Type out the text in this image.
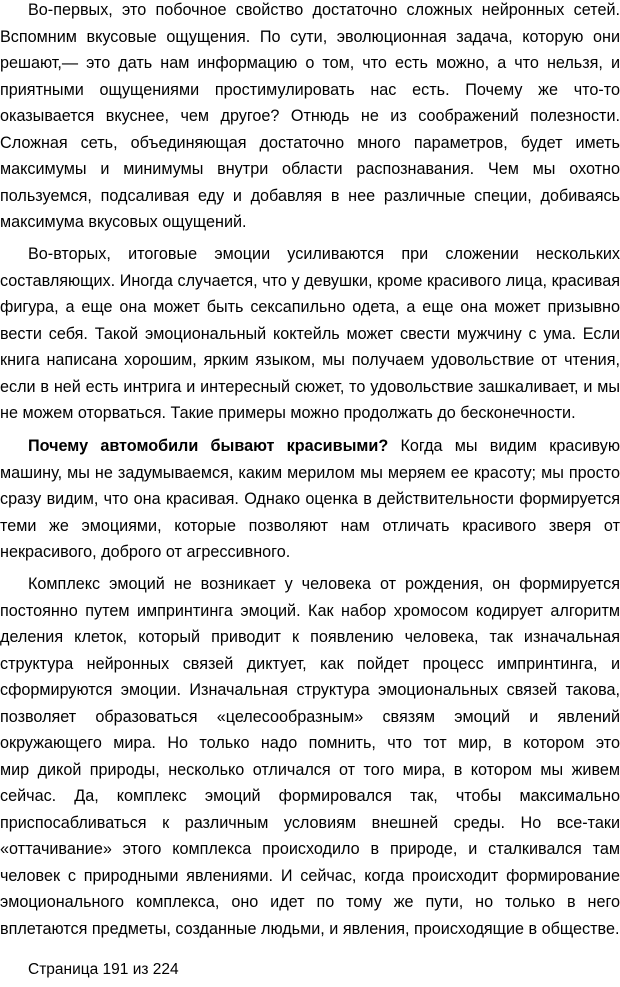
Во-первых, это побочное свойство достаточно сложных нейронных сетей.
Вспомним вкусовые ощущения. По сути, эволюционная задача, которую они
решают,— это дать нам информацию о том, что есть можно, а что нельзя, и
приятными ощущениями простимулировать нас есть. Почему же что-то
оказывается вкуснее, чем другое? Отнюдь не из соображений полезности.
Сложная сеть, объединяющая достаточно много параметров, будет иметь
максимумы и минимумы внутри области распознавания. Чем мы охотно
пользуемся, подсаливая еду и добавляя в нее различные специи, добиваясь
максимума вкусовых ощущений.
Во-вторых, итоговые эмоции усиливаются при сложении нескольких
составляющих. Иногда случается, что у девушки, кроме красивого лица, красивая
фигура, а еще она может быть сексапильно одета, а еще она может призывно
вести себя. Такой эмоциональный коктейль может свести мужчину с ума. Если
книга написана хорошим, ярким языком, мы получаем удовольствие от чтения,
если в ней есть интрига и интересный сюжет, то удовольствие зашкаливает, и мы
не можем оторваться. Такие примеры можно продолжать до бесконечности.
Почему автомобили бывают красивыми? Когда мы видим красивую
машину, мы не задумываемся, каким мерилом мы меряем ее красоту; мы просто
сразу видим, что она красивая. Однако оценка в действительности формируется
теми же эмоциями, которые позволяют нам отличать красивого зверя от
некрасивого, доброго от агрессивного.
Комплекс эмоций не возникает у человека от рождения, он формируется
постоянно путем импринтинга эмоций. Как набор хромосом кодирует алгоритм
деления клеток, который приводит к появлению человека, так изначальная
структура нейронных связей диктует, как пойдет процесс импринтинга, и
сформируются эмоции. Изначальная структура эмоциональных связей такова,
позволяет образоваться «целесообразным» связям эмоций и явлений
окружающего мира. Но только надо помнить, что тот мир, в котором это
мир дикой природы, несколько отличался от того мира, в котором мы живем
сейчас. Да, комплекс эмоций формировался так, чтобы максимально
приспосабливаться к различным условиям внешней среды. Но все-таки
«оттачивание» этого комплекса происходило в природе, и сталкивался там
человек с природными явлениями. И сейчас, когда происходит формирование
эмоционального комплекса, оно идет по тому же пути, но только в него
вплетаются предметы, созданные людьми, и явления, происходящие в обществе.
Страница 191 из 224
